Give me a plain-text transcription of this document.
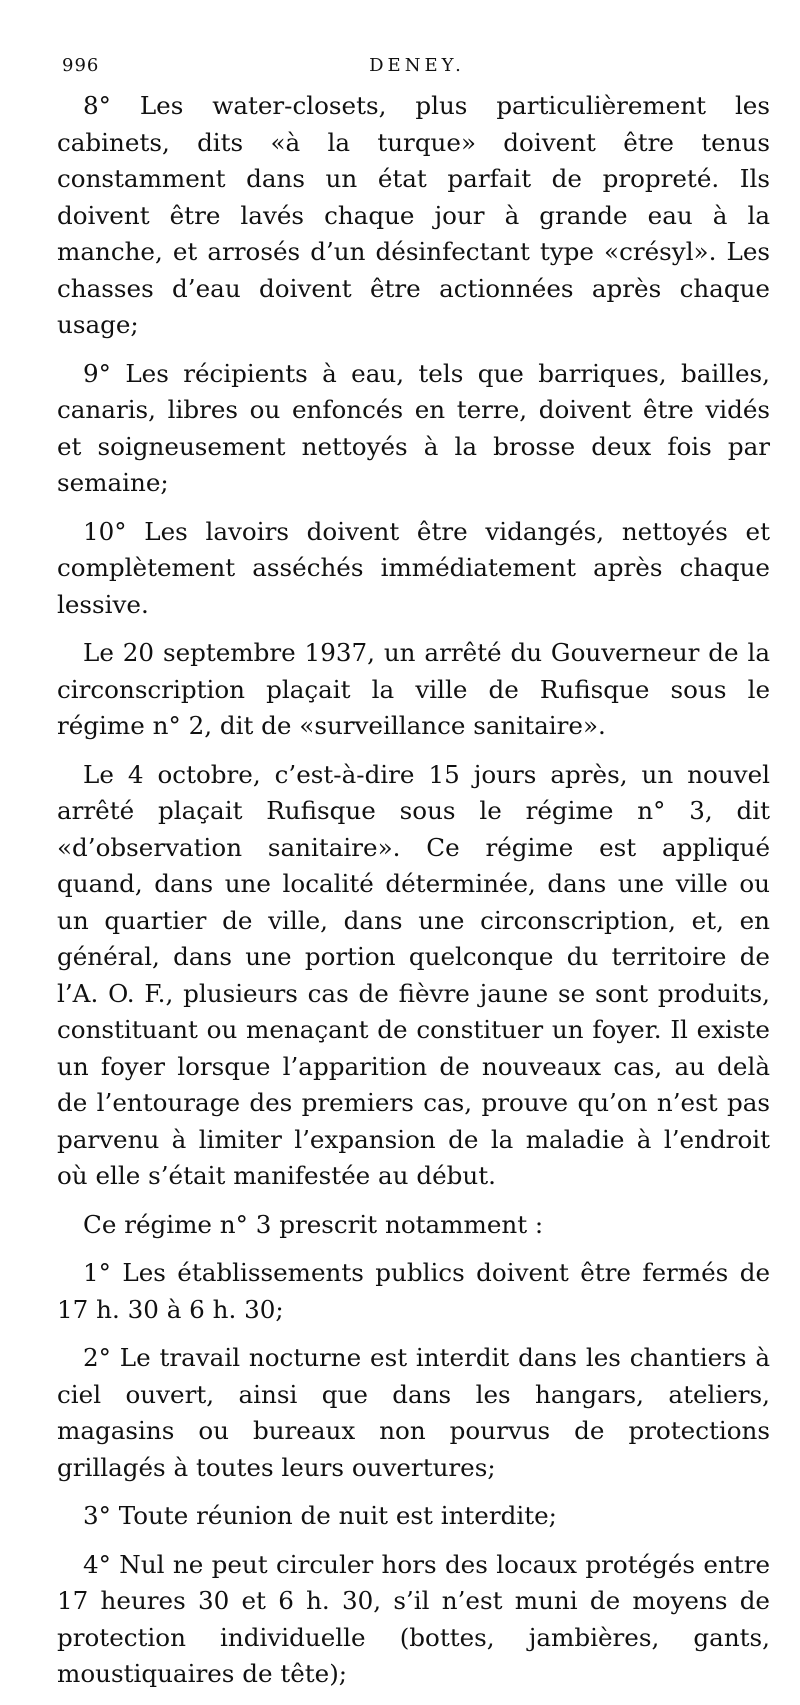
996	DENEY.

8° Les water-closets, plus particulièrement les cabinets, dits «à la turque» doivent être tenus constamment dans un état parfait de propreté. Ils doivent être lavés chaque jour à grande eau à la manche, et arrosés d’un désinfectant type «crésyl». Les chasses d’eau doivent être actionnées après chaque usage;

9° Les récipients à eau, tels que barriques, bailles, canaris, libres ou enfoncés en terre, doivent être vidés et soigneusement nettoyés à la brosse deux fois par semaine;

10° Les lavoirs doivent être vidangés, nettoyés et complètement asséchés immédiatement après chaque lessive.

Le 20 septembre 1937, un arrêté du Gouverneur de la circonscription plaçait la ville de Rufisque sous le régime n° 2, dit de «surveillance sanitaire».

Le 4 octobre, c’est-à-dire 15 jours après, un nouvel arrêté plaçait Rufisque sous le régime n° 3, dit «d’observation sanitaire». Ce régime est appliqué quand, dans une localité déterminée, dans une ville ou un quartier de ville, dans une circonscription, et, en général, dans une portion quelconque du territoire de l’A. O. F., plusieurs cas de fièvre jaune se sont produits, constituant ou menaçant de constituer un foyer. Il existe un foyer lorsque l’apparition de nouveaux cas, au delà de l’entourage des premiers cas, prouve qu’on n’est pas parvenu à limiter l’expansion de la maladie à l’endroit où elle s’était manifestée au début.

Ce régime n° 3 prescrit notamment :

1° Les établissements publics doivent être fermés de 17 h. 30 à 6 h. 30;

2° Le travail nocturne est interdit dans les chantiers à ciel ouvert, ainsi que dans les hangars, ateliers, magasins ou bureaux non pourvus de protections grillagés à toutes leurs ouvertures;

3° Toute réunion de nuit est interdite;

4° Nul ne peut circuler hors des locaux protégés entre 17 heures 30 et 6 h. 30, s’il n’est muni de moyens de protection individuelle (bottes, jambières, gants, moustiquaires de tête);
